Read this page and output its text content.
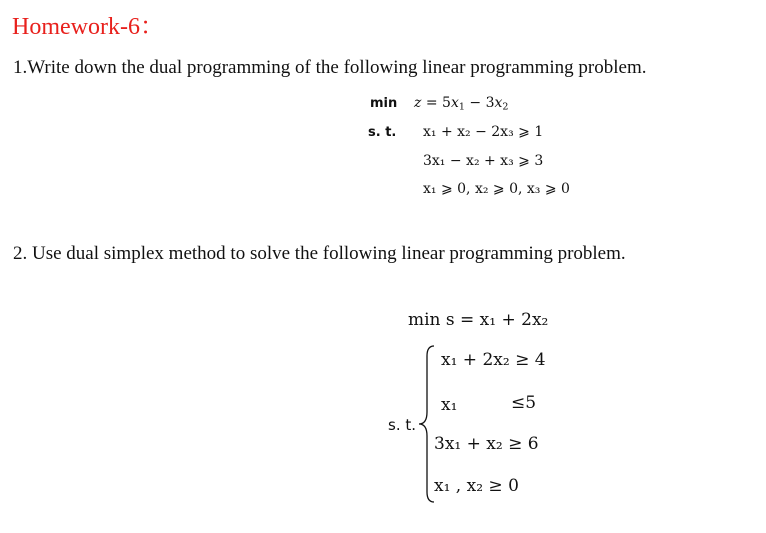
Homework-6：
1.Write down the dual programming of the following linear programming problem.
$\min z = 5x_1 - 3x_2$
s. t. x₁ + x₂ − 2x₃ ⩾ 1
3x₁ − x₂ + x₃ ⩾ 3
x₁ ⩾ 0, x₂ ⩾ 0, x₃ ⩾ 0
2. Use dual simplex method to solve the following linear programming problem.
min s = x₁ + 2x₂
x₁ + 2x₂ ≥ 4
x₁	≤5
s. t.
3x₁ + x₂ ≥ 6
x₁ , x₂ ≥ 0
